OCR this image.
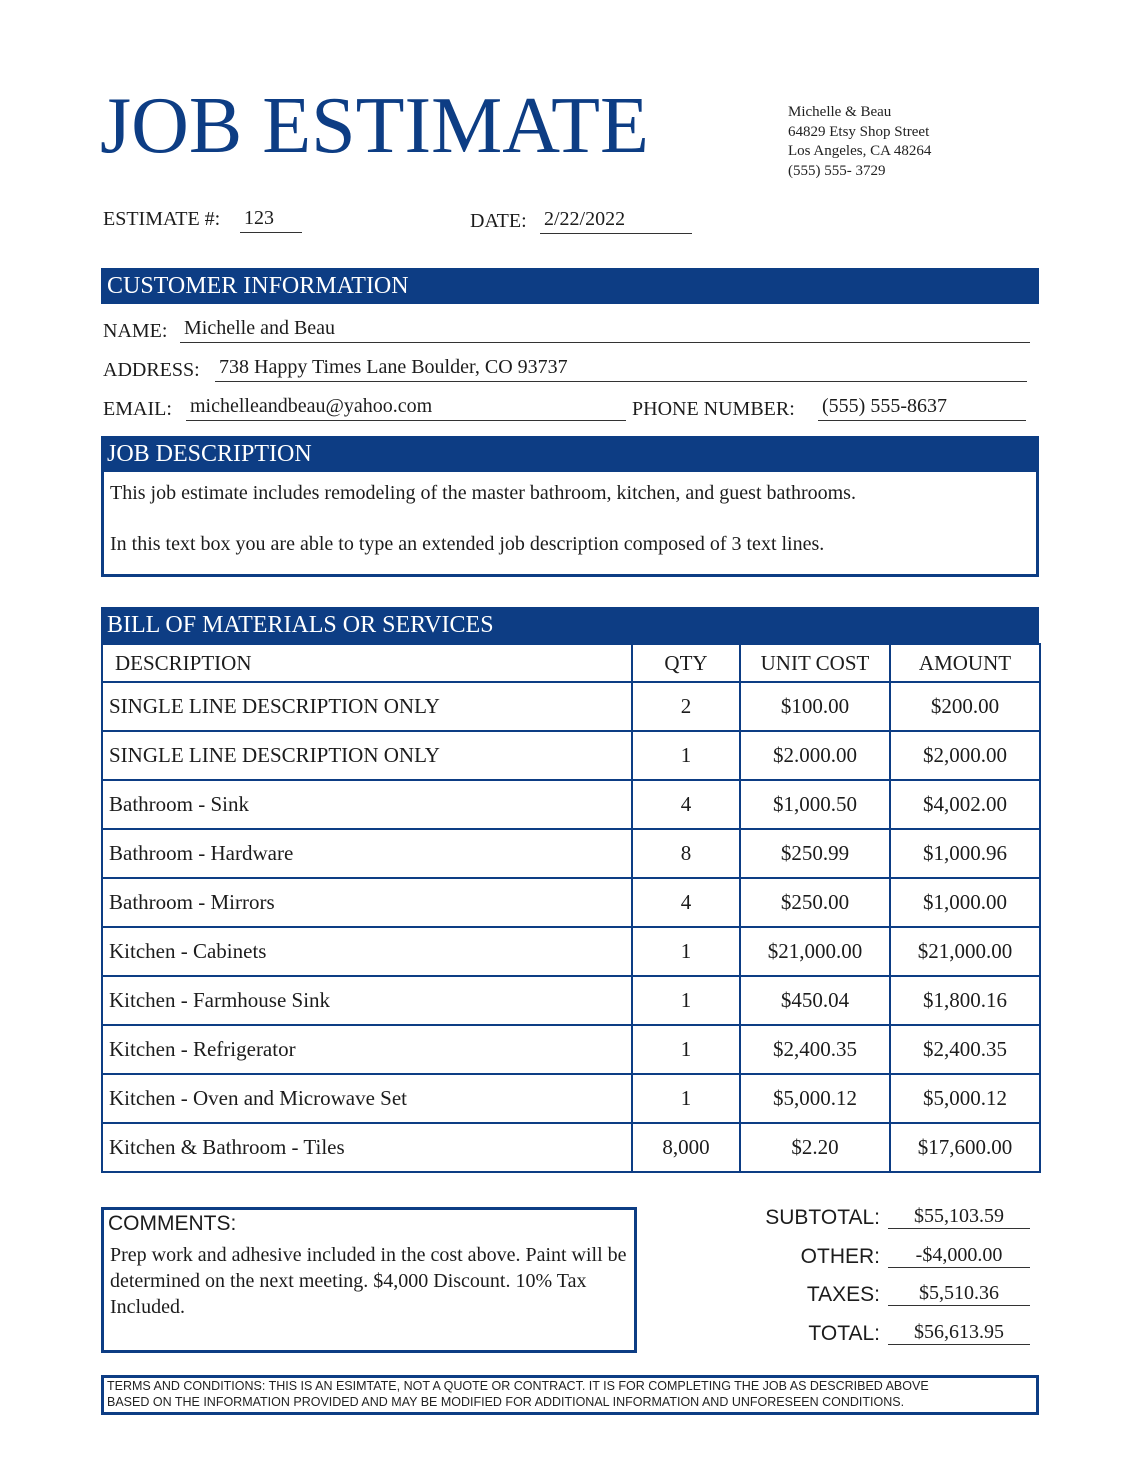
JOB ESTIMATE	Michelle & Beau
64829 Etsy Shop Street
Los Angeles, CA 48264
(555) 555- 3729
ESTIMATE #: 123	DATE: 2/22/2022
CUSTOMER INFORMATION
NAME: Michelle and Beau
ADDRESS: 738 Happy Times Lane Boulder, CO 93737
EMAIL: michelleandbeau@yahoo.com	PHONE NUMBER: (555) 555-8637
JOB DESCRIPTION
This job estimate includes remodeling of the master bathroom, kitchen, and guest bathrooms.
In this text box you are able to type an extended job description composed of 3 text lines.
BILL OF MATERIALS OR SERVICES
DESCRIPTION	QTY	UNIT COST	AMOUNT
SINGLE LINE DESCRIPTION ONLY	2	$100.00	$200.00
SINGLE LINE DESCRIPTION ONLY	1	$2.000.00	$2,000.00
Bathroom - Sink	4	$1,000.50	$4,002.00
Bathroom - Hardware	8	$250.99	$1,000.96
Bathroom - Mirrors	4	$250.00	$1,000.00
Kitchen - Cabinets	1	$21,000.00	$21,000.00
Kitchen - Farmhouse Sink	1	$450.04	$1,800.16
Kitchen - Refrigerator	1	$2,400.35	$2,400.35
Kitchen - Oven and Microwave Set	1	$5,000.12	$5,000.12
Kitchen & Bathroom - Tiles	8,000	$2.20	$17,600.00
COMMENTS:
Prep work and adhesive included in the cost above. Paint will be determined on the next meeting. $4,000 Discount. 10% Tax Included.
SUBTOTAL:	$55,103.59
OTHER:	-$4,000.00
TAXES:	$5,510.36
TOTAL:	$56,613.95
TERMS AND CONDITIONS: THIS IS AN ESIMTATE, NOT A QUOTE OR CONTRACT. IT IS FOR COMPLETING THE JOB AS DESCRIBED ABOVE
BASED ON THE INFORMATION PROVIDED AND MAY BE MODIFIED FOR ADDITIONAL INFORMATION AND UNFORESEEN CONDITIONS.
